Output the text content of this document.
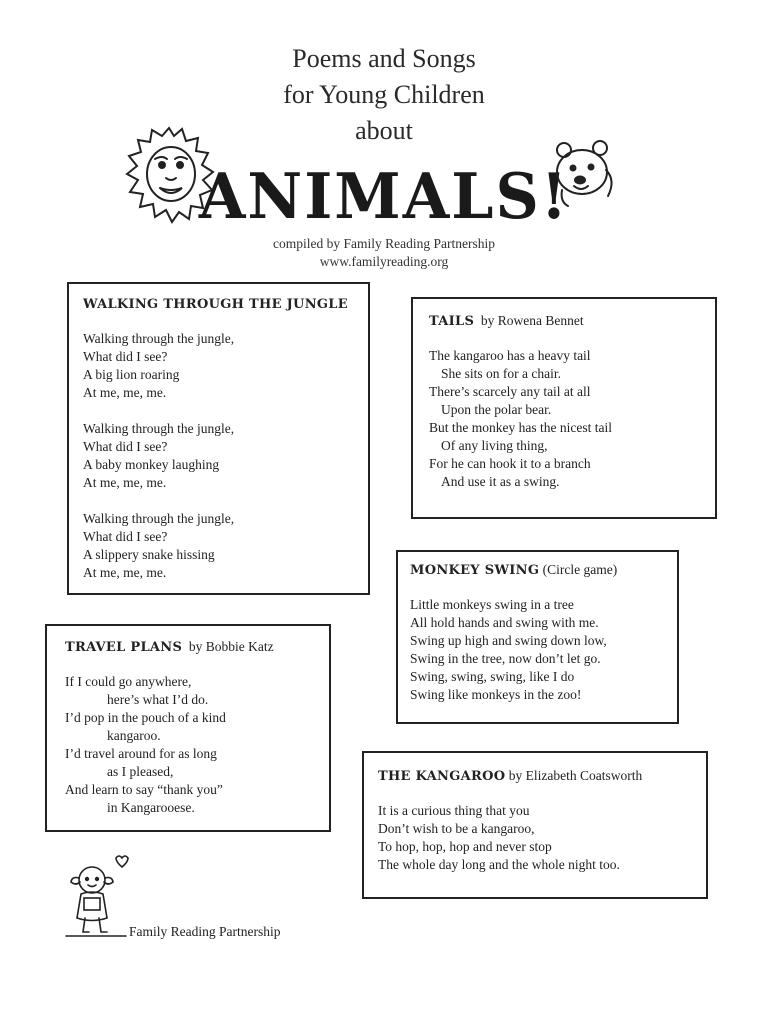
Poems and Songs
for Young Children
about
ANIMALS!
compiled by Family Reading Partnership
www.familyreading.org
WALKING THROUGH THE JUNGLE
Walking through the jungle,
What did I see?
A big lion roaring
At me, me, me.
Walking through the jungle,
What did I see?
A baby monkey laughing
At me, me, me.
Walking through the jungle,
What did I see?
A slippery snake hissing
At me, me, me.
TAILS by Rowena Bennet
The kangaroo has a heavy tail
She sits on for a chair.
There’s scarcely any tail at all
Upon the polar bear.
But the monkey has the nicest tail
Of any living thing,
For he can hook it to a branch
And use it as a swing.
MONKEY SWING (Circle game)
Little monkeys swing in a tree
All hold hands and swing with me.
Swing up high and swing down low,
Swing in the tree, now don’t let go.
Swing, swing, swing, like I do
Swing like monkeys in the zoo!
TRAVEL PLANS by Bobbie Katz
If I could go anywhere,
here’s what I’d do.
I’d pop in the pouch of a kind
kangaroo.
I’d travel around for as long
as I pleased,
And learn to say “thank you”
in Kangarooese.
THE KANGAROO by Elizabeth Coatsworth
It is a curious thing that you
Don’t wish to be a kangaroo,
To hop, hop, hop and never stop
The whole day long and the whole night too.
Family Reading Partnership
